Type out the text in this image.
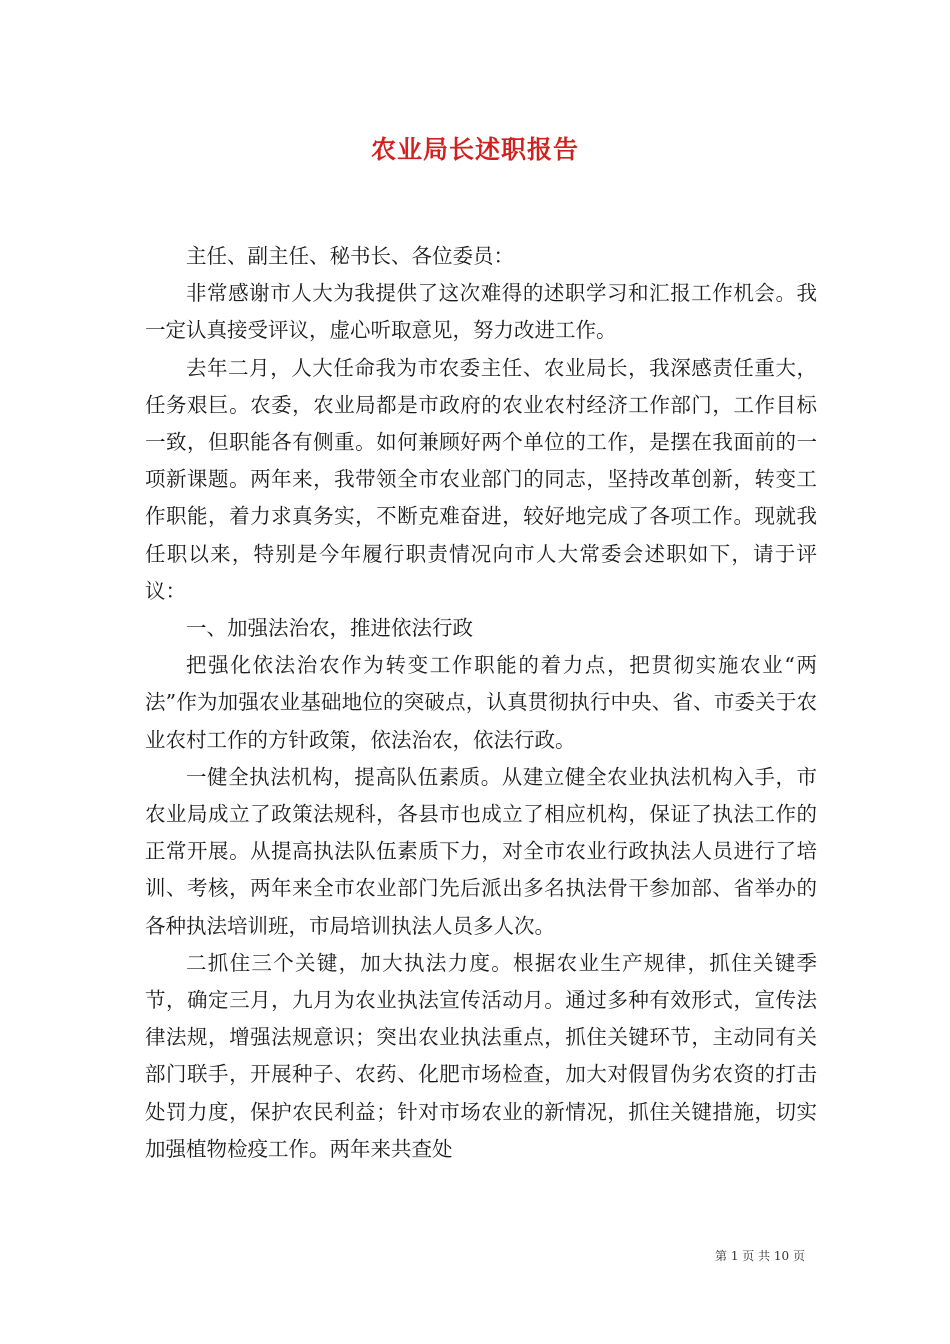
农业局长述职报告

主任、副主任、秘书长、各位委员：

非常感谢市人大为我提供了这次难得的述职学习和汇报工作机会。我一定认真接受评议，虚心听取意见，努力改进工作。

去年二月，人大任命我为市农委主任、农业局长，我深感责任重大，任务艰巨。农委，农业局都是市政府的农业农村经济工作部门，工作目标一致，但职能各有侧重。如何兼顾好两个单位的工作，是摆在我面前的一项新课题。两年来，我带领全市农业部门的同志，坚持改革创新，转变工作职能，着力求真务实，不断克难奋进，较好地完成了各项工作。现就我任职以来，特别是今年履行职责情况向市人大常委会述职如下，请于评议：

一、加强法治农，推进依法行政

把强化依法治农作为转变工作职能的着力点，把贯彻实施农业“两法”作为加强农业基础地位的突破点，认真贯彻执行中央、省、市委关于农业农村工作的方针政策，依法治农，依法行政。

一健全执法机构，提高队伍素质。从建立健全农业执法机构入手，市农业局成立了政策法规科，各县市也成立了相应机构，保证了执法工作的正常开展。从提高执法队伍素质下力，对全市农业行政执法人员进行了培训、考核，两年来全市农业部门先后派出多名执法骨干参加部、省举办的各种执法培训班，市局培训执法人员多人次。

二抓住三个关键，加大执法力度。根据农业生产规律，抓住关键季节，确定三月，九月为农业执法宣传活动月。通过多种有效形式，宣传法律法规，增强法规意识；突出农业执法重点，抓住关键环节，主动同有关部门联手，开展种子、农药、化肥市场检查，加大对假冒伪劣农资的打击处罚力度，保护农民利益；针对市场农业的新情况，抓住关键措施，切实加强植物检疫工作。两年来共查处

第 1 页 共 10 页
